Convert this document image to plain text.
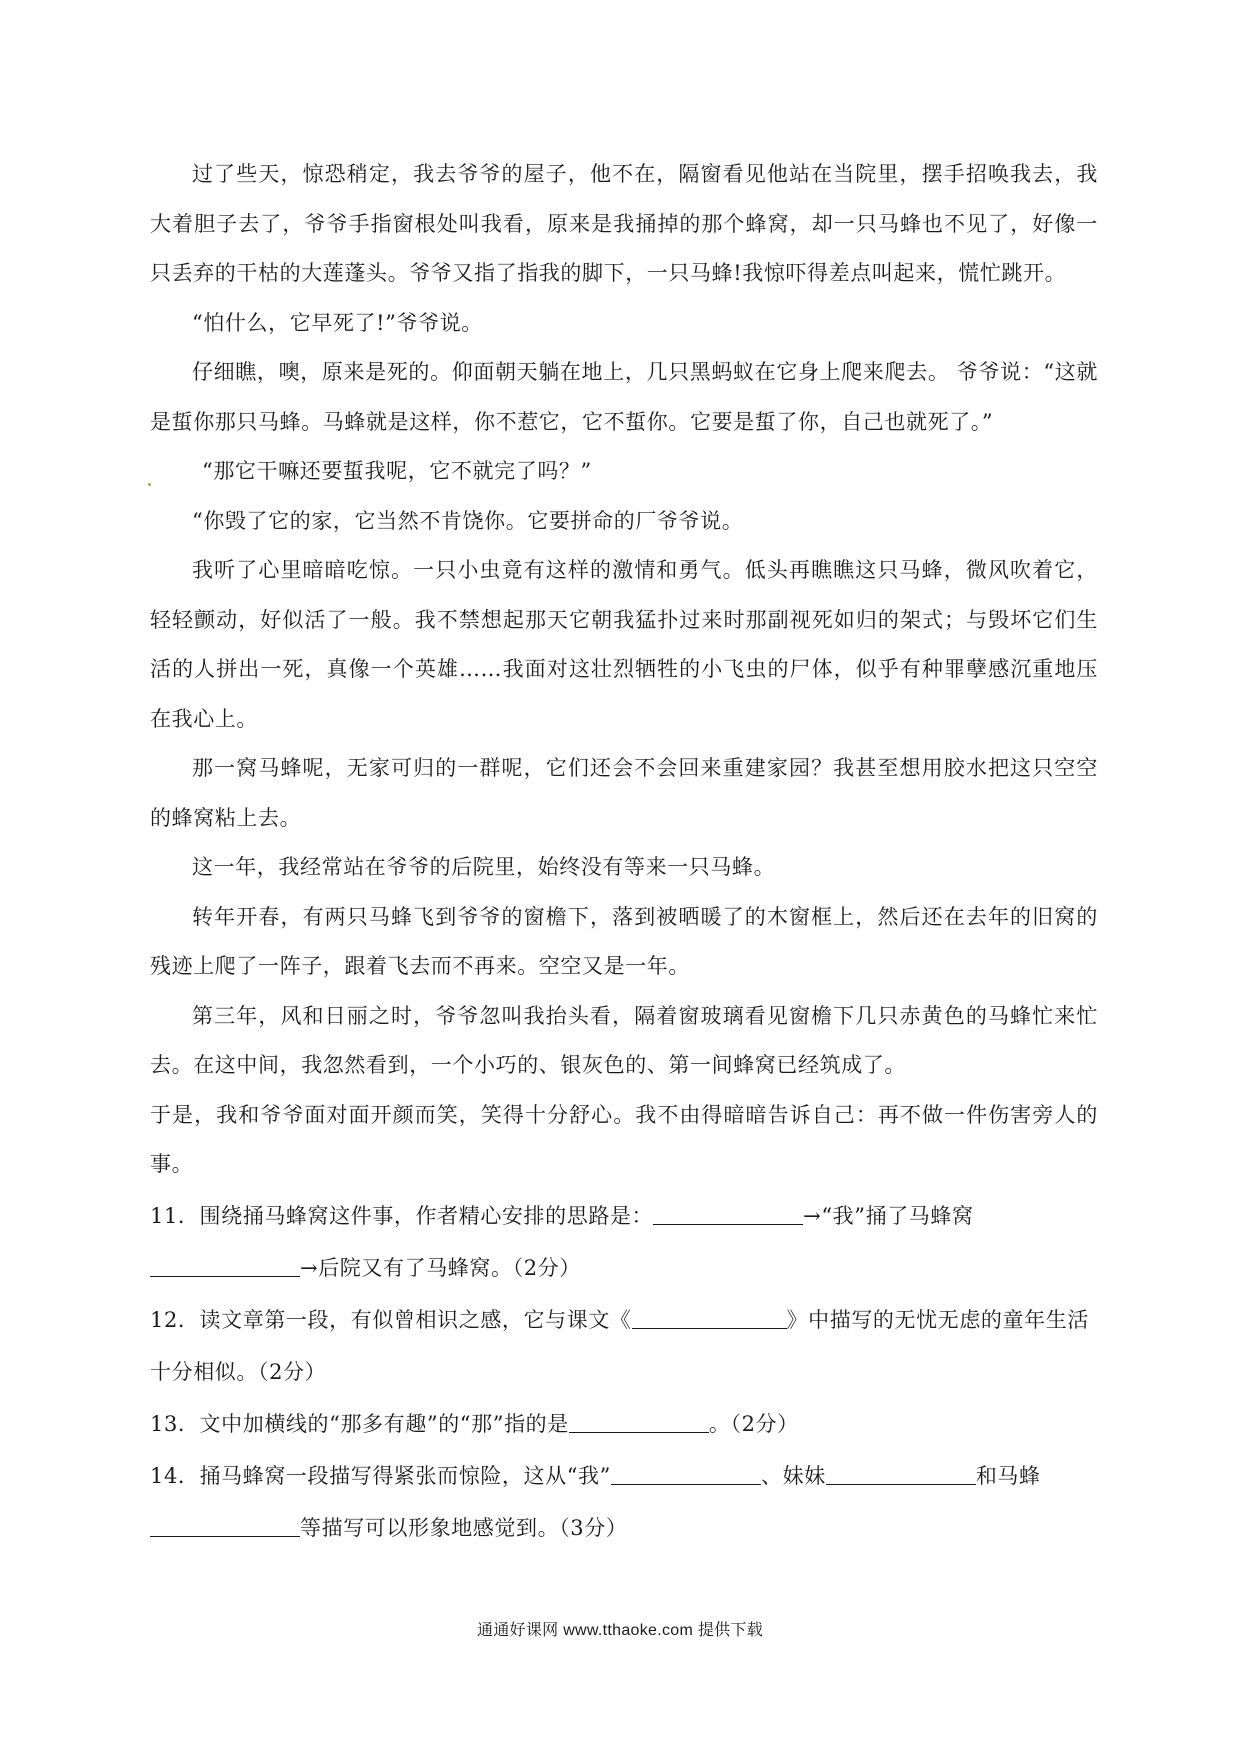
过了些天，惊恐稍定，我去爷爷的屋子，他不在，隔窗看见他站在当院里，摆手招唤我去，我大着胆子去了，爷爷手指窗根处叫我看，原来是我捅掉的那个蜂窝，却一只马蜂也不见了，好像一只丢弃的干枯的大莲蓬头。爷爷又指了指我的脚下，一只马蜂!我惊吓得差点叫起来，慌忙跳开。

“怕什么，它早死了!”爷爷说。

仔细瞧，噢，原来是死的。仰面朝天躺在地上，几只黑蚂蚁在它身上爬来爬去。 爷爷说：“这就是蜇你那只马蜂。马蜂就是这样，你不惹它，它不蜇你。它要是蜇了你，自己也就死了。”

“那它干嘛还要蜇我呢，它不就完了吗？”

“你毁了它的家，它当然不肯饶你。它要拼命的厂爷爷说。

我听了心里暗暗吃惊。一只小虫竟有这样的激情和勇气。低头再瞧瞧这只马蜂，微风吹着它，轻轻颤动，好似活了一般。我不禁想起那天它朝我猛扑过来时那副视死如归的架式；与毁坏它们生活的人拼出一死，真像一个英雄……我面对这壮烈牺牲的小飞虫的尸体，似乎有种罪孽感沉重地压在我心上。

那一窝马蜂呢，无家可归的一群呢，它们还会不会回来重建家园？我甚至想用胶水把这只空空的蜂窝粘上去。

这一年，我经常站在爷爷的后院里，始终没有等来一只马蜂。

转年开春，有两只马蜂飞到爷爷的窗檐下，落到被晒暖了的木窗框上，然后还在去年的旧窝的残迹上爬了一阵子，跟着飞去而不再来。空空又是一年。

第三年，风和日丽之时，爷爷忽叫我抬头看，隔着窗玻璃看见窗檐下几只赤黄色的马蜂忙来忙去。在这中间，我忽然看到，一个小巧的、银灰色的、第一间蜂窝已经筑成了。

于是，我和爷爷面对面开颜而笑，笑得十分舒心。我不由得暗暗告诉自己：再不做一件伤害旁人的事。

11．围绕捅马蜂窝这件事，作者精心安排的思路是：	→“我”捅了马蜂窝
→后院又有了马蜂窝。（2分）

12．读文章第一段，有似曾相识之感，它与课文《	》中描写的无忧无虑的童年生活十分相似。（2分）

13．文中加横线的“那多有趣”的“那”指的是	。（2分）

14．捅马蜂窝一段描写得紧张而惊险，这从“我”	、妹妹	和马蜂
等描写可以形象地感觉到。（3分）

通通好课网 www.tthaoke.com 提供下载
